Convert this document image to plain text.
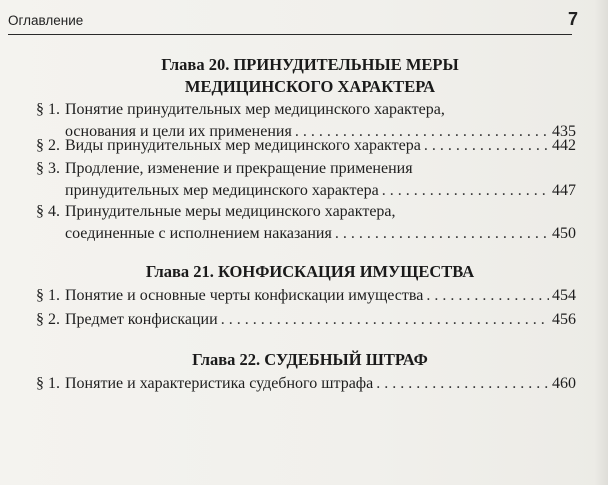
Оглавление	7
Глава 20. ПРИНУДИТЕЛЬНЫЕ МЕРЫ
МЕДИЦИНСКОГО ХАРАКТЕРА
§ 1. Понятие принудительных мер медицинского характера,
основания и цели их применения . . .	435
§ 2. Виды принудительных мер медицинского характера . . .	442
§ 3. Продление, изменение и прекращение применения
принудительных мер медицинского характера . . .	447
§ 4. Принудительные меры медицинского характера,
соединенные с исполнением наказания . . .	450
Глава 21. КОНФИСКАЦИЯ ИМУЩЕСТВА
§ 1. Понятие и основные черты конфискации имущества . . .	454
§ 2. Предмет конфискации . . .	456
Глава 22. СУДЕБНЫЙ ШТРАФ
§ 1. Понятие и характеристика судебного штрафа . . .	460
